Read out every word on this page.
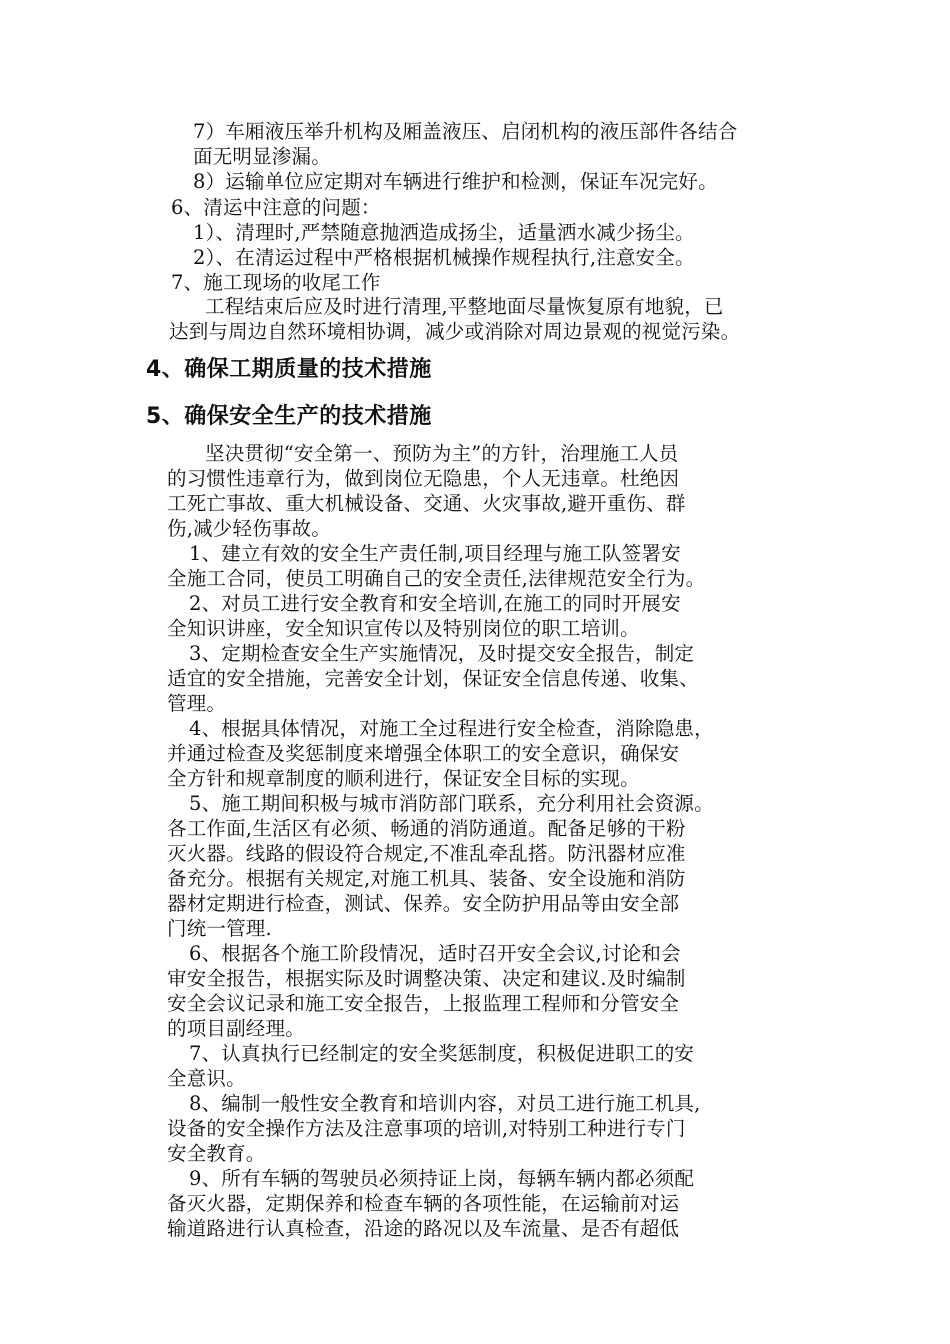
7）车厢液压举升机构及厢盖液压、启闭机构的液压部件各结合
面无明显渗漏。
8）运输单位应定期对车辆进行维护和检测，保证车况完好。
6、清运中注意的问题：
1）、清理时,严禁随意抛洒造成扬尘，适量洒水减少扬尘。
2）、在清运过程中严格根据机械操作规程执行,注意安全。
7、施工现场的收尾工作
工程结束后应及时进行清理,平整地面尽量恢复原有地貌，已
达到与周边自然环境相协调，减少或消除对周边景观的视觉污染。
4、确保工期质量的技术措施
5、确保安全生产的技术措施
坚决贯彻“安全第一、预防为主”的方针，治理施工人员
的习惯性违章行为，做到岗位无隐患，个人无违章。杜绝因
工死亡事故、重大机械设备、交通、火灾事故,避开重伤、群
伤,减少轻伤事故。
1、建立有效的安全生产责任制,项目经理与施工队签署安
全施工合同，使员工明确自己的安全责任,法律规范安全行为。
2、对员工进行安全教育和安全培训,在施工的同时开展安
全知识讲座，安全知识宣传以及特别岗位的职工培训。
3、定期检查安全生产实施情况，及时提交安全报告，制定
适宜的安全措施，完善安全计划，保证安全信息传递、收集、
管理。
4、根据具体情况，对施工全过程进行安全检查，消除隐患，
并通过检查及奖惩制度来增强全体职工的安全意识，确保安
全方针和规章制度的顺利进行，保证安全目标的实现。
5、施工期间积极与城市消防部门联系，充分利用社会资源。
各工作面,生活区有必须、畅通的消防通道。配备足够的干粉
灭火器。线路的假设符合规定,不准乱牵乱搭。防汛器材应准
备充分。根据有关规定,对施工机具、装备、安全设施和消防
器材定期进行检查，测试、保养。安全防护用品等由安全部
门统一管理.
6、根据各个施工阶段情况，适时召开安全会议,讨论和会
审安全报告，根据实际及时调整决策、决定和建议.及时编制
安全会议记录和施工安全报告，上报监理工程师和分管安全
的项目副经理。
7、认真执行已经制定的安全奖惩制度，积极促进职工的安
全意识。
8、编制一般性安全教育和培训内容，对员工进行施工机具,
设备的安全操作方法及注意事项的培训,对特别工种进行专门
安全教育。
9、所有车辆的驾驶员必须持证上岗，每辆车辆内都必须配
备灭火器，定期保养和检查车辆的各项性能，在运输前对运
输道路进行认真检查，沿途的路况以及车流量、是否有超低
